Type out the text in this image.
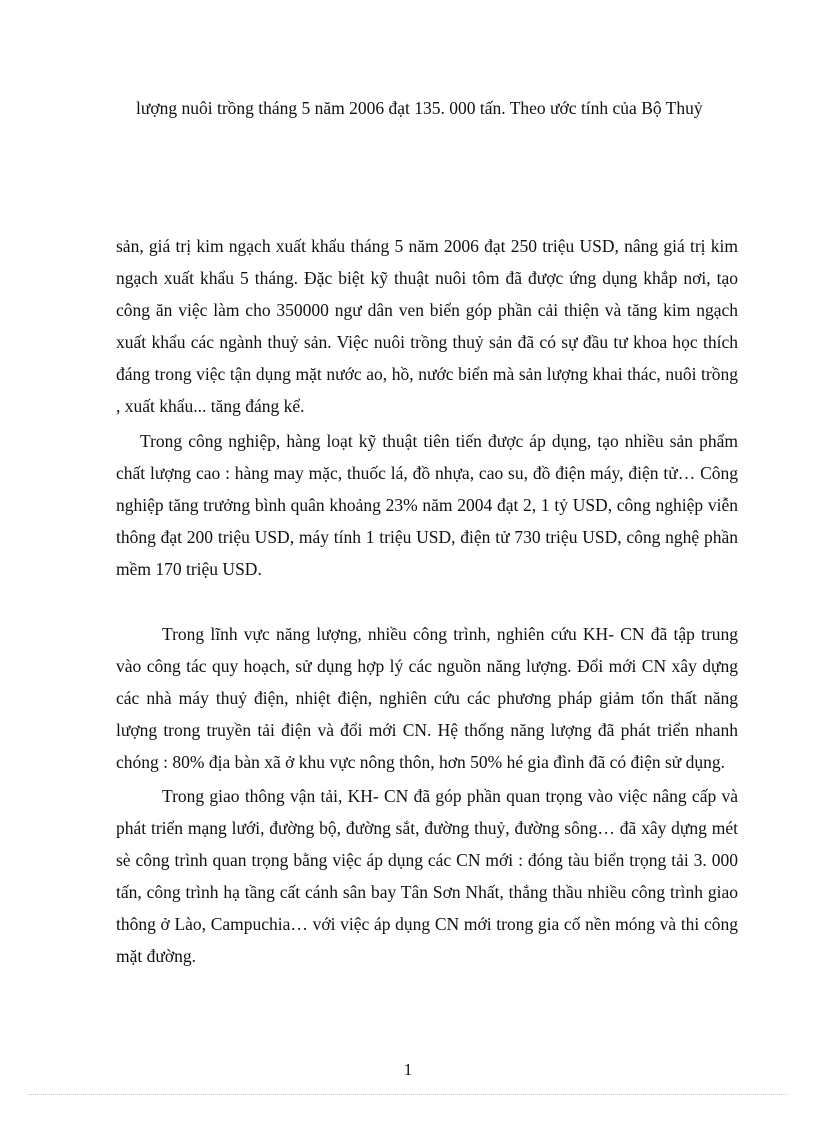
lượng nuôi trồng tháng 5 năm 2006 đạt 135. 000 tấn. Theo ước tính của Bộ Thuỷ

sản, giá trị kim ngạch xuất khẩu tháng 5 năm 2006 đạt 250 triệu USD, nâng giá trị kim ngạch xuất khẩu 5 tháng. Đặc biệt kỹ thuật nuôi tôm đã được ứng dụng khắp nơi, tạo công ăn việc làm cho 350000 ngư dân ven biển góp phần cải thiện và tăng kim ngạch xuất khẩu các ngành thuỷ sản. Việc nuôi trồng thuỷ sản đã có sự đầu tư khoa học thích đáng trong việc tận dụng mặt nước ao, hồ, nước biển mà sản lượng khai thác, nuôi trồng , xuất khẩu... tăng đáng kể.

Trong công nghiệp, hàng loạt kỹ thuật tiên tiến được áp dụng, tạo nhiều sản phẩm chất lượng cao : hàng may mặc, thuốc lá, đồ nhựa, cao su, đồ điện máy, điện tử… Công nghiệp tăng trưởng bình quân khoảng 23% năm 2004 đạt 2, 1 tỷ USD, công nghiệp viễn thông đạt 200 triệu USD, máy tính 1 triệu USD, điện tử 730 triệu USD, công nghệ phần mềm 170 triệu USD.

Trong lĩnh vực năng lượng, nhiều công trình, nghiên cứu KH- CN đã tập trung vào công tác quy hoạch, sử dụng hợp lý các nguồn năng lượng. Đổi mới CN xây dựng các nhà máy thuỷ điện, nhiệt điện, nghiên cứu các phương pháp giảm tổn thất năng lượng trong truyền tải điện và đổi mới CN. Hệ thống năng lượng đã phát triển nhanh chóng : 80% địa bàn xã ở khu vực nông thôn, hơn 50% hé gia đình đã có điện sử dụng.

Trong giao thông vận tải, KH- CN đã góp phần quan trọng vào việc nâng cấp và phát triển mạng lưới, đường bộ, đường sắt, đường thuỷ, đường sông… đã xây dựng mét sè công trình quan trọng bằng việc áp dụng các CN mới : đóng tàu biển trọng tải 3. 000 tấn, công trình hạ tầng cất cánh sân bay Tân Sơn Nhất, thắng thầu nhiều công trình giao thông ở Lào, Campuchia… với việc áp dụng CN mới trong gia cố nền móng và thi công mặt đường.

1
